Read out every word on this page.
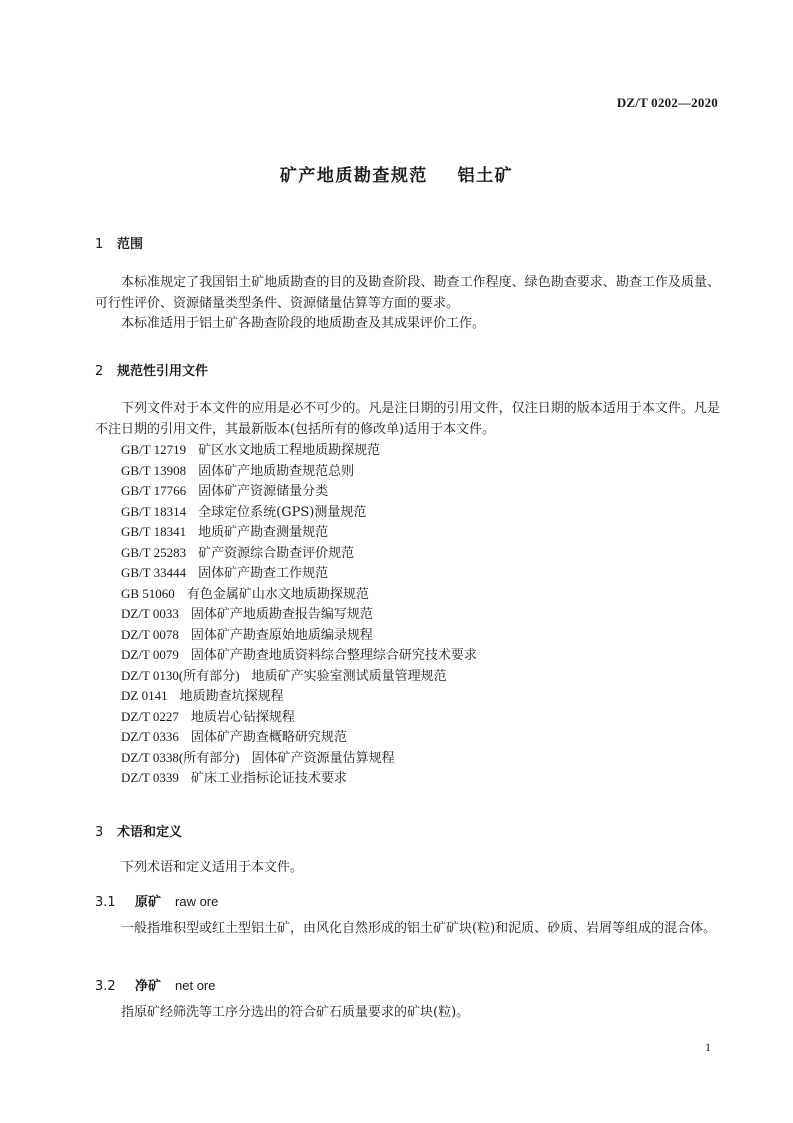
DZ/T 0202—2020
矿产地质勘查规范    铝土矿
1 范围

本标准规定了我国铝土矿地质勘查的目的及勘查阶段、勘查工作程度、绿色勘查要求、勘查工作及质量、可行性评价、资源储量类型条件、资源储量估算等方面的要求。

本标准适用于铝土矿各勘查阶段的地质勘查及其成果评价工作。

2 规范性引用文件

下列文件对于本文件的应用是必不可少的。凡是注日期的引用文件，仅注日期的版本适用于本文件。凡是不注日期的引用文件，其最新版本(包括所有的修改单)适用于本文件。

GB/T 12719 矿区水文地质工程地质勘探规范
GB/T 13908 固体矿产地质勘查规范总则
GB/T 17766 固体矿产资源储量分类
GB/T 18314 全球定位系统(GPS)测量规范
GB/T 18341 地质矿产勘查测量规范
GB/T 25283 矿产资源综合勘查评价规范
GB/T 33444 固体矿产勘查工作规范
GB 51060 有色金属矿山水文地质勘探规范
DZ/T 0033 固体矿产地质勘查报告编写规范
DZ/T 0078 固体矿产勘查原始地质编录规程
DZ/T 0079 固体矿产勘查地质资料综合整理综合研究技术要求
DZ/T 0130(所有部分) 地质矿产实验室测试质量管理规范
DZ 0141 地质勘查坑探规程
DZ/T 0227 地质岩心钻探规程
DZ/T 0336 固体矿产勘查概略研究规范
DZ/T 0338(所有部分) 固体矿产资源量估算规程
DZ/T 0339 矿床工业指标论证技术要求
3 术语和定义

下列术语和定义适用于本文件。

3.1 原矿 raw ore

一般指堆积型或红土型铝土矿，由风化自然形成的铝土矿矿块(粒)和泥质、砂质、岩屑等组成的混合体。

3.2 净矿 net ore

指原矿经筛洗等工序分选出的符合矿石质量要求的矿块(粒)。

1
